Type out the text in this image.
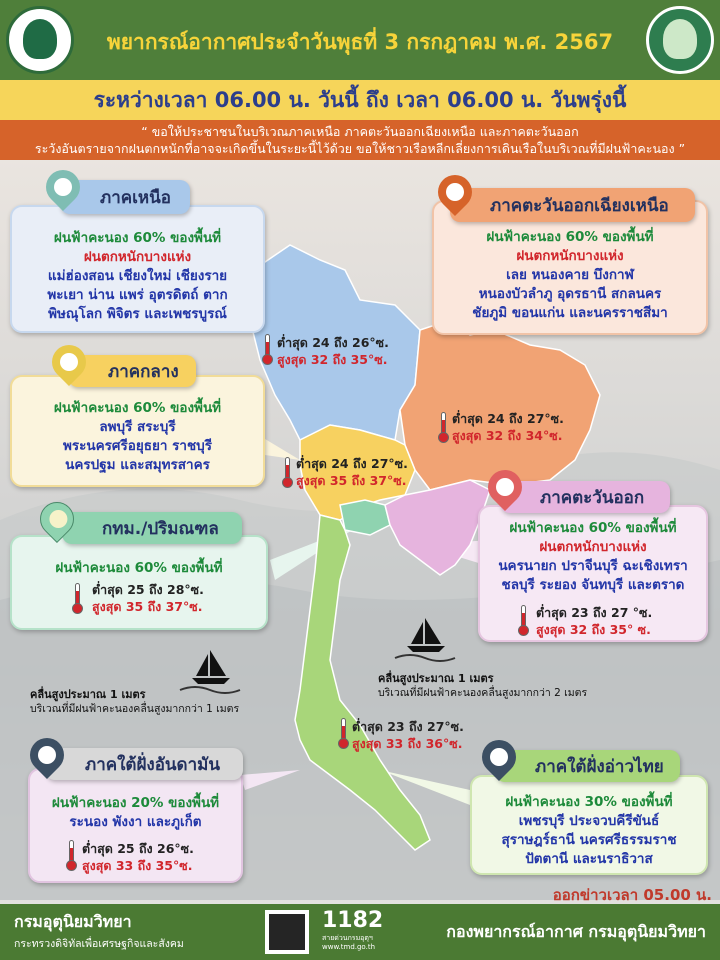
พยากรณ์อากาศประจำวันพุธที่ 3 กรกฎาคม พ.ศ. 2567
ระหว่างเวลา 06.00 น. วันนี้ ถึง เวลา 06.00 น. วันพรุ่งนี้
“ ขอให้ประชาชนในบริเวณภาคเหนือ ภาคตะวันออกเฉียงเหนือ และภาคตะวันออก
ระวังอันตรายจากฝนตกหนักที่อาจจะเกิดขึ้นในระยะนี้ไว้ด้วย ขอให้ชาวเรือหลีกเลี่ยงการเดินเรือในบริเวณที่มีฝนฟ้าคะนอง ”
ฝนฟ้าคะนอง 60% ของพื้นที่
ฝนตกหนักบางแห่ง
แม่ฮ่องสอน เชียงใหม่ เชียงราย
พะเยา น่าน แพร่ อุตรดิตถ์ ตาก
พิษณุโลก พิจิตร และเพชรบูรณ์
ภาคเหนือ
ต่ำสุด 24 ถึง 26°ซ.
สูงสุด 32 ถึง 35°ซ.
ฝนฟ้าคะนอง 60% ของพื้นที่
ฝนตกหนักบางแห่ง
เลย หนองคาย บึงกาฬ
หนองบัวลำภู อุดรธานี สกลนคร
ชัยภูมิ ขอนแก่น และนครราชสีมา
ภาคตะวันออกเฉียงเหนือ
ต่ำสุด 24 ถึง 27°ซ.
สูงสุด 32 ถึง 34°ซ.
ฝนฟ้าคะนอง 60% ของพื้นที่
ลพบุรี สระบุรี
พระนครศรีอยุธยา ราชบุรี
นครปฐม และสมุทรสาคร
ภาคกลาง
ต่ำสุด 24 ถึง 27°ซ.
สูงสุด 35 ถึง 37°ซ.
ฝนฟ้าคะนอง 60% ของพื้นที่
กทม./ปริมณฑล
ต่ำสุด 25 ถึง 28°ซ.
สูงสุด 35 ถึง 37°ซ.
ฝนฟ้าคะนอง 60% ของพื้นที่
ฝนตกหนักบางแห่ง
นครนายก ปราจีนบุรี ฉะเชิงเทรา
ชลบุรี ระยอง จันทบุรี และตราด
ภาคตะวันออก
ต่ำสุด 23 ถึง 27 °ซ.
สูงสุด 32 ถึง 35° ซ.
คลื่นสูงประมาณ 1 เมตร
บริเวณที่มีฝนฟ้าคะนองคลื่นสูงมากกว่า 1 เมตร
คลื่นสูงประมาณ 1 เมตร
บริเวณที่มีฝนฟ้าคะนองคลื่นสูงมากกว่า 2 เมตร
ต่ำสุด 23 ถึง 27°ซ.
สูงสุด 33 ถึง 36°ซ.
ฝนฟ้าคะนอง 20% ของพื้นที่
ระนอง พังงา และภูเก็ต
ภาคใต้ฝั่งอันดามัน
ต่ำสุด 25 ถึง 26°ซ.
สูงสุด 33 ถึง 35°ซ.
ฝนฟ้าคะนอง 30% ของพื้นที่
เพชรบุรี ประจวบคีรีขันธ์
สุราษฎร์ธานี นครศรีธรรมราช
ปัตตานี และนราธิวาส
ภาคใต้ฝั่งอ่าวไทย
ออกข่าวเวลา 05.00 น.
กรมอุตุนิยมวิทยา
กระทรวงดิจิทัลเพื่อเศรษฐกิจและสังคม
1182
สายด่วนกรมอุตุฯ
www.tmd.go.th
กองพยากรณ์อากาศ กรมอุตุนิยมวิทยา
